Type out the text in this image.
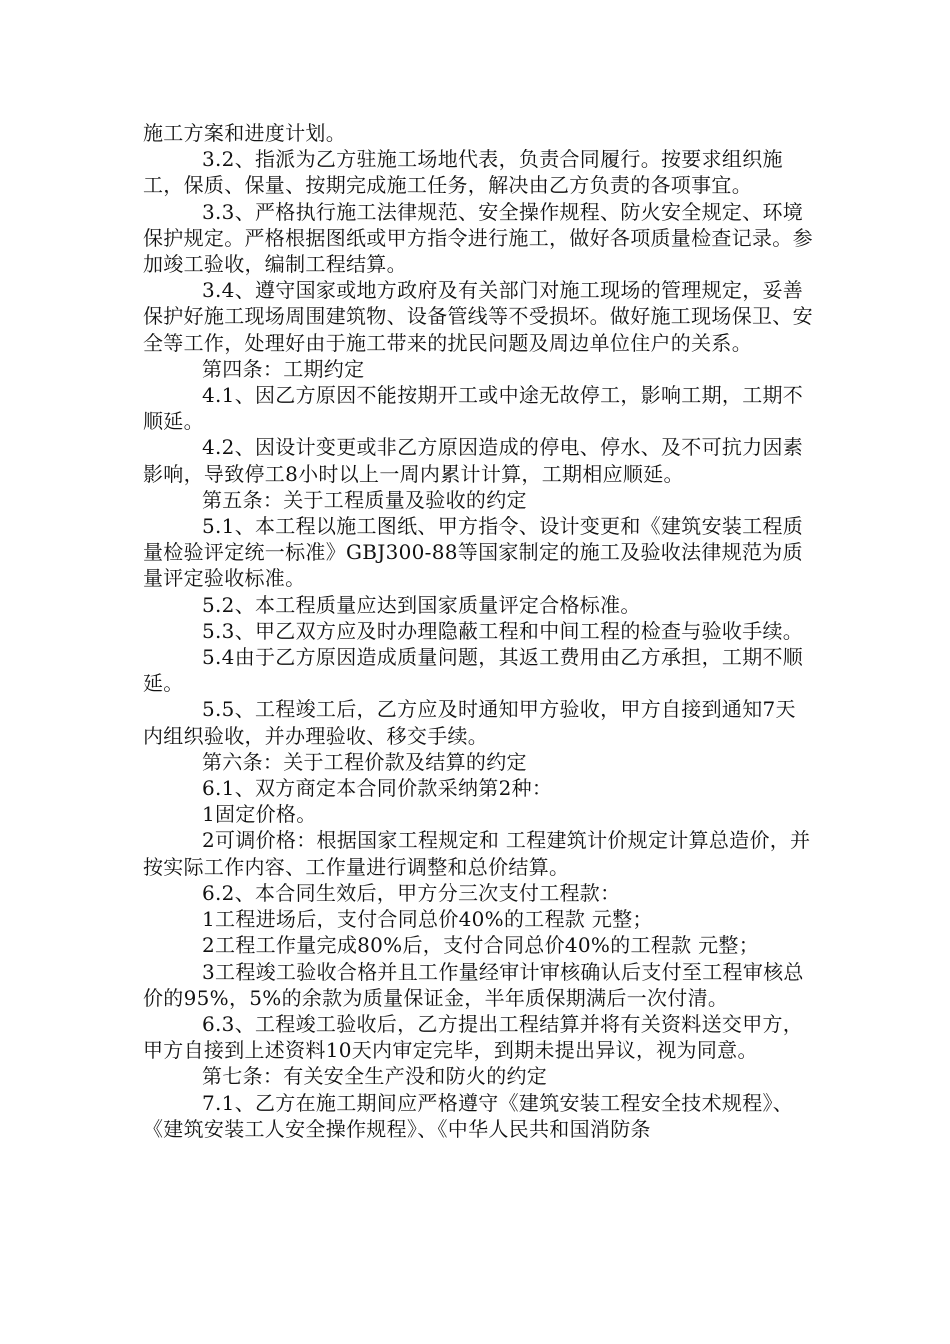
施工方案和进度计划。

3.2、指派为乙方驻施工场地代表，负责合同履行。按要求组织施工，保质、保量、按期完成施工任务，解决由乙方负责的各项事宜。

3.3、严格执行施工法律规范、安全操作规程、防火安全规定、环境保护规定。严格根据图纸或甲方指令进行施工，做好各项质量检查记录。参加竣工验收，编制工程结算。

3.4、遵守国家或地方政府及有关部门对施工现场的管理规定，妥善保护好施工现场周围建筑物、设备管线等不受损坏。做好施工现场保卫、安全等工作，处理好由于施工带来的扰民问题及周边单位住户的关系。

第四条：工期约定

4.1、因乙方原因不能按期开工或中途无故停工，影响工期，工期不顺延。

4.2、因设计变更或非乙方原因造成的停电、停水、及不可抗力因素影响，导致停工8小时以上一周内累计计算，工期相应顺延。

第五条：关于工程质量及验收的约定

5.1、本工程以施工图纸、甲方指令、设计变更和《建筑安装工程质量检验评定统一标准》GBJ300-88等国家制定的施工及验收法律规范为质量评定验收标准。

5.2、本工程质量应达到国家质量评定合格标准。

5.3、甲乙双方应及时办理隐蔽工程和中间工程的检查与验收手续。

5.4由于乙方原因造成质量问题，其返工费用由乙方承担，工期不顺延。

5.5、工程竣工后，乙方应及时通知甲方验收，甲方自接到通知7天内组织验收，并办理验收、移交手续。

第六条：关于工程价款及结算的约定

6.1、双方商定本合同价款采纳第2种：

1固定价格。

2可调价格：根据国家工程规定和 工程建筑计价规定计算总造价，并按实际工作内容、工作量进行调整和总价结算。

6.2、本合同生效后，甲方分三次支付工程款：

1工程进场后，支付合同总价40%的工程款 元整；

2工程工作量完成80%后，支付合同总价40%的工程款 元整；

3工程竣工验收合格并且工作量经审计审核确认后支付至工程审核总价的95%，5%的余款为质量保证金，半年质保期满后一次付清。

6.3、工程竣工验收后，乙方提出工程结算并将有关资料送交甲方，甲方自接到上述资料10天内审定完毕，到期未提出异议，视为同意。

第七条：有关安全生产没和防火的约定

7.1、乙方在施工期间应严格遵守《建筑安装工程安全技术规程》、《建筑安装工人安全操作规程》、《中华人民共和国消防条
